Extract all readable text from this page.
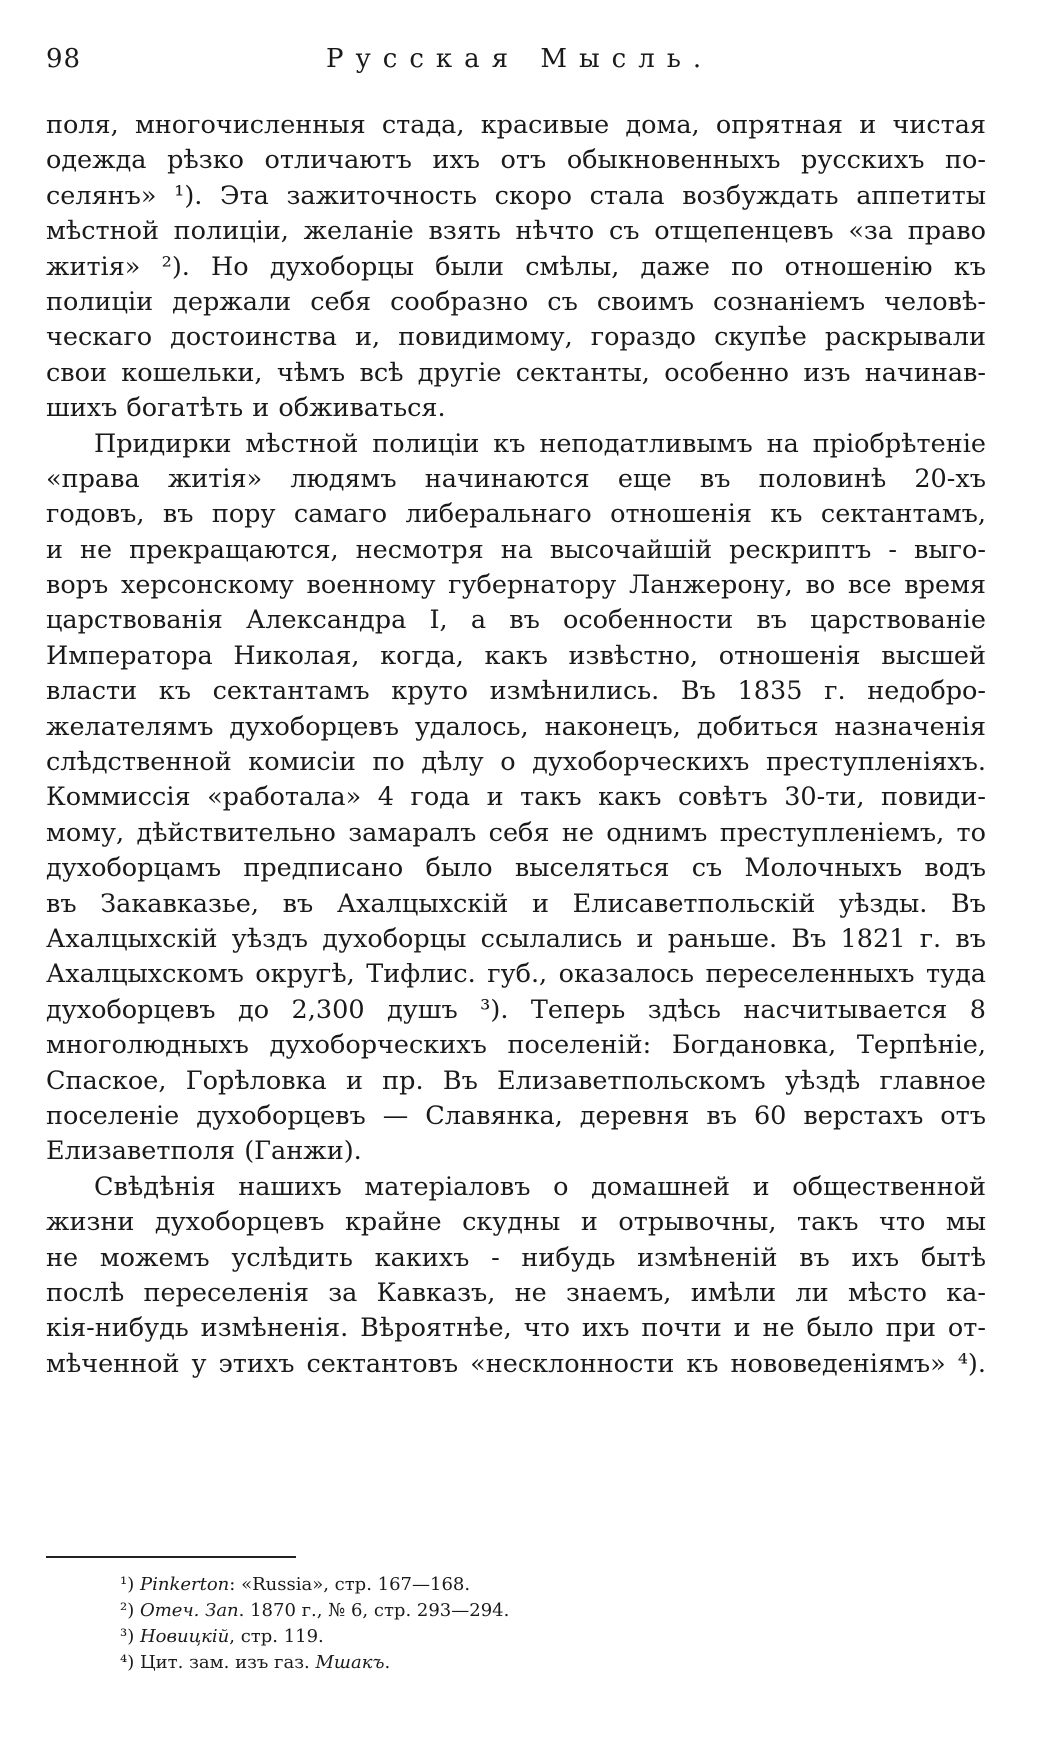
98	Русская Мысль.
поля, многочисленныя стада, красивые дома, опрятная и чистая
одежда рѣзко отличаютъ ихъ отъ обыкновенныхъ русскихъ по-
селянъ» ¹). Эта зажиточность скоро стала возбуждать аппетиты
мѣстной полиціи, желаніе взять нѣчто съ отщепенцевъ «за право
житія» ²). Но духоборцы были смѣлы, даже по отношенію къ
полиціи держали себя сообразно съ своимъ сознаніемъ человѣ-
ческаго достоинства и, повидимому, гораздо скупѣе раскрывали
свои кошельки, чѣмъ всѣ другіе сектанты, особенно изъ начинав-
шихъ богатѣть и обживаться.
Придирки мѣстной полиціи къ неподатливымъ на пріобрѣтеніе
«права житія» людямъ начинаются еще въ половинѣ 20-хъ
годовъ, въ пору самаго либеральнаго отношенія къ сектантамъ,
и не прекращаются, несмотря на высочайшій рескриптъ - выго-
воръ херсонскому военному губернатору Ланжерону, во все время
царствованія Александра I, а въ особенности въ царствованіе
Императора Николая, когда, какъ извѣстно, отношенія высшей
власти къ сектантамъ круто измѣнились. Въ 1835 г. недобро-
желателямъ духоборцевъ удалось, наконецъ, добиться назначенія
слѣдственной комисіи по дѣлу о духоборческихъ преступленіяхъ.
Коммиссія «работала» 4 года и такъ какъ совѣтъ 30-ти, повиди-
мому, дѣйствительно замаралъ себя не однимъ преступленіемъ, то
духоборцамъ предписано было выселяться съ Молочныхъ водъ
въ Закавказье, въ Ахалцыхскій и Елисаветпольскій уѣзды. Въ
Ахалцыхскій уѣздъ духоборцы ссылались и раньше. Въ 1821 г. въ
Ахалцыхскомъ округѣ, Тифлис. губ., оказалось переселенныхъ туда
духоборцевъ до 2,300 душъ ³). Теперь здѣсь насчитывается 8
многолюдныхъ духоборческихъ поселеній: Богдановка, Терпѣніе,
Спаское, Горѣловка и пр. Въ Елизаветпольскомъ уѣздѣ главное
поселеніе духоборцевъ — Славянка, деревня въ 60 верстахъ отъ
Елизаветполя (Ганжи).
Свѣдѣнія нашихъ матеріаловъ о домашней и общественной
жизни духоборцевъ крайне скудны и отрывочны, такъ что мы
не можемъ услѣдить какихъ - нибудь измѣненій въ ихъ бытѣ
послѣ переселенія за Кавказъ, не знаемъ, имѣли ли мѣсто ка-
кія-нибудь измѣненія. Вѣроятнѣе, что ихъ почти и не было при от-
мѣченной у этихъ сектантовъ «несклонности къ нововеденіямъ» ⁴).
¹) Pinkerton: «Russia», стр. 167—168.
²) Отеч. Зап. 1870 г., № 6, стр. 293—294.
³) Новицкій, стр. 119.
⁴) Цит. зам. изъ газ. Мшакъ.
